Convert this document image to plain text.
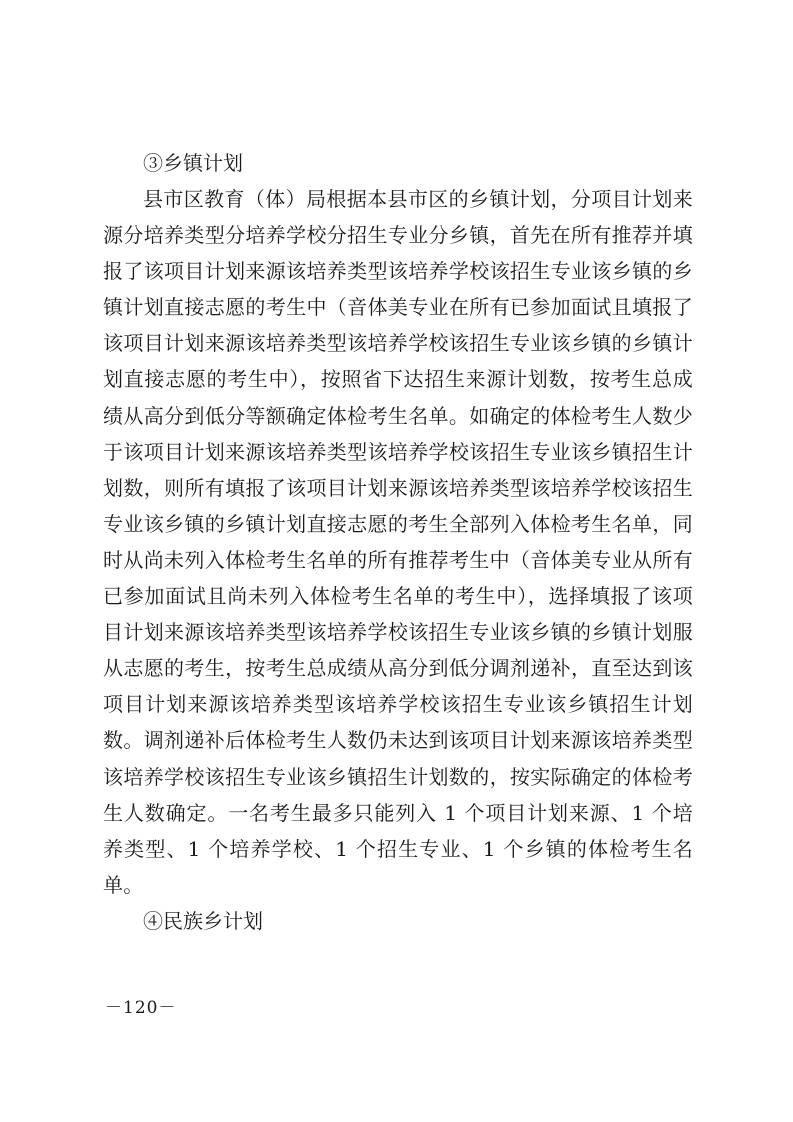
③乡镇计划

县市区教育（体）局根据本县市区的乡镇计划，分项目计划来源分培养类型分培养学校分招生专业分乡镇，首先在所有推荐并填报了该项目计划来源该培养类型该培养学校该招生专业该乡镇的乡镇计划直接志愿的考生中（音体美专业在所有已参加面试且填报了该项目计划来源该培养类型该培养学校该招生专业该乡镇的乡镇计划直接志愿的考生中），按照省下达招生来源计划数，按考生总成绩从高分到低分等额确定体检考生名单。如确定的体检考生人数少于该项目计划来源该培养类型该培养学校该招生专业该乡镇招生计划数，则所有填报了该项目计划来源该培养类型该培养学校该招生专业该乡镇的乡镇计划直接志愿的考生全部列入体检考生名单，同时从尚未列入体检考生名单的所有推荐考生中（音体美专业从所有已参加面试且尚未列入体检考生名单的考生中），选择填报了该项目计划来源该培养类型该培养学校该招生专业该乡镇的乡镇计划服从志愿的考生，按考生总成绩从高分到低分调剂递补，直至达到该项目计划来源该培养类型该培养学校该招生专业该乡镇招生计划数。调剂递补后体检考生人数仍未达到该项目计划来源该培养类型该培养学校该招生专业该乡镇招生计划数的，按实际确定的体检考生人数确定。一名考生最多只能列入 1 个项目计划来源、1 个培养类型、1 个培养学校、1 个招生专业、1 个乡镇的体检考生名单。

④民族乡计划

－120－
